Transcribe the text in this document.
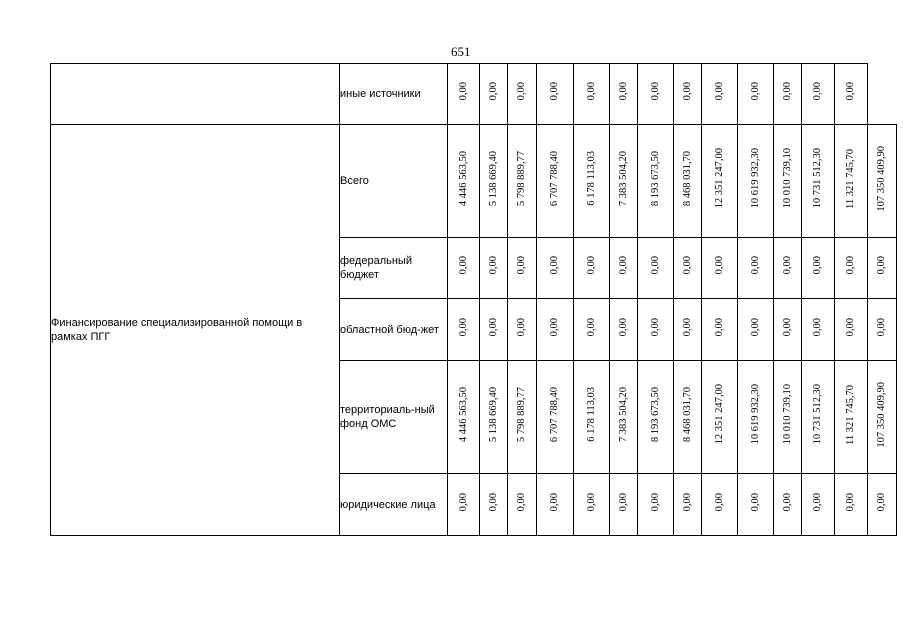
651
	иные источники	0,00	0,00	0,00	0,00	0,00	0,00	0,00	0,00	0,00	0,00	0,00	0,00	0,00	
Финансирование специализированной помощи в рамках ПГГ	Всего	4 446 563,50	5 138 669,40	5 798 889,77	6 707 788,40	6 178 113,03	7 383 504,20	8 193 673,50	8 468 031,70	12 351 247,00	10 619 932,30	10 010 739,10	10 731 512,30	11 321 745,70	107 350 409,90
	федеральный бюджет	0,00	0,00	0,00	0,00	0,00	0,00	0,00	0,00	0,00	0,00	0,00	0,00	0,00	0,00
	областной бюд-жет	0,00	0,00	0,00	0,00	0,00	0,00	0,00	0,00	0,00	0,00	0,00	0,00	0,00	0,00
	территориаль-ный фонд ОМС	4 446 563,50	5 138 669,40	5 798 889,77	6 707 788,40	6 178 113,03	7 383 504,20	8 193 673,50	8 468 031,70	12 351 247,00	10 619 932,30	10 010 739,10	10 731 512,30	11 321 745,70	107 350 409,90
	юридические лица	0,00	0,00	0,00	0,00	0,00	0,00	0,00	0,00	0,00	0,00	0,00	0,00	0,00	0,00
